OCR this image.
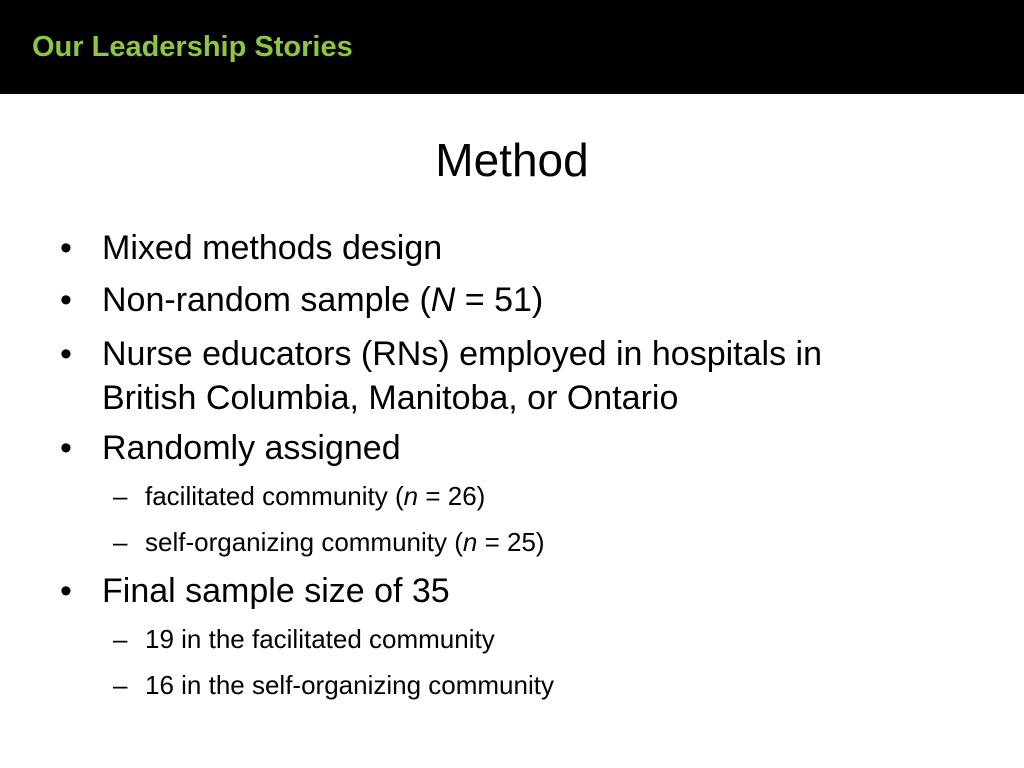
Our Leadership Stories
Method
• Mixed methods design
• Non-random sample (N = 51)
• Nurse educators (RNs) employed in hospitals in
British Columbia, Manitoba, or Ontario
• Randomly assigned
– facilitated community (n = 26)
– self-organizing community (n = 25)
• Final sample size of 35
– 19 in the facilitated community
– 16 in the self-organizing community
